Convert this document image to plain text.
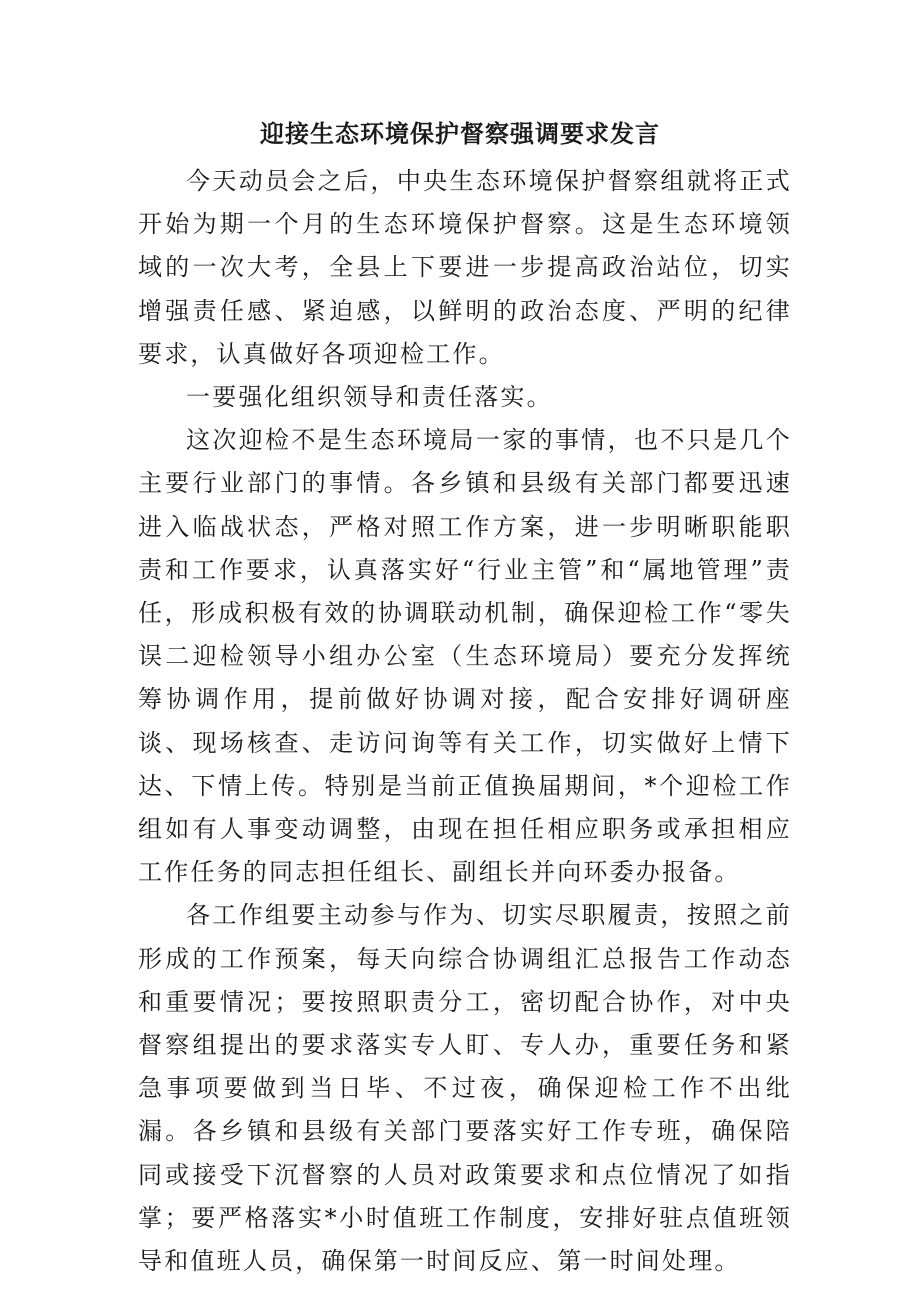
迎接生态环境保护督察强调要求发言

今天动员会之后，中央生态环境保护督察组就将正式开始为期一个月的生态环境保护督察。这是生态环境领域的一次大考，全县上下要进一步提高政治站位，切实增强责任感、紧迫感，以鲜明的政治态度、严明的纪律要求，认真做好各项迎检工作。

一要强化组织领导和责任落实。

这次迎检不是生态环境局一家的事情，也不只是几个主要行业部门的事情。各乡镇和县级有关部门都要迅速进入临战状态，严格对照工作方案，进一步明晰职能职责和工作要求，认真落实好“行业主管”和“属地管理”责任，形成积极有效的协调联动机制，确保迎检工作“零失误二迎检领导小组办公室（生态环境局）要充分发挥统筹协调作用，提前做好协调对接，配合安排好调研座谈、现场核查、走访问询等有关工作，切实做好上情下达、下情上传。特别是当前正值换届期间，*个迎检工作组如有人事变动调整，由现在担任相应职务或承担相应工作任务的同志担任组长、副组长并向环委办报备。

各工作组要主动参与作为、切实尽职履责，按照之前形成的工作预案，每天向综合协调组汇总报告工作动态和重要情况；要按照职责分工，密切配合协作，对中央督察组提出的要求落实专人盯、专人办，重要任务和紧急事项要做到当日毕、不过夜，确保迎检工作不出纰漏。各乡镇和县级有关部门要落实好工作专班，确保陪同或接受下沉督察的人员对政策要求和点位情况了如指掌；要严格落实*小时值班工作制度，安排好驻点值班领导和值班人员，确保第一时间反应、第一时间处理。
